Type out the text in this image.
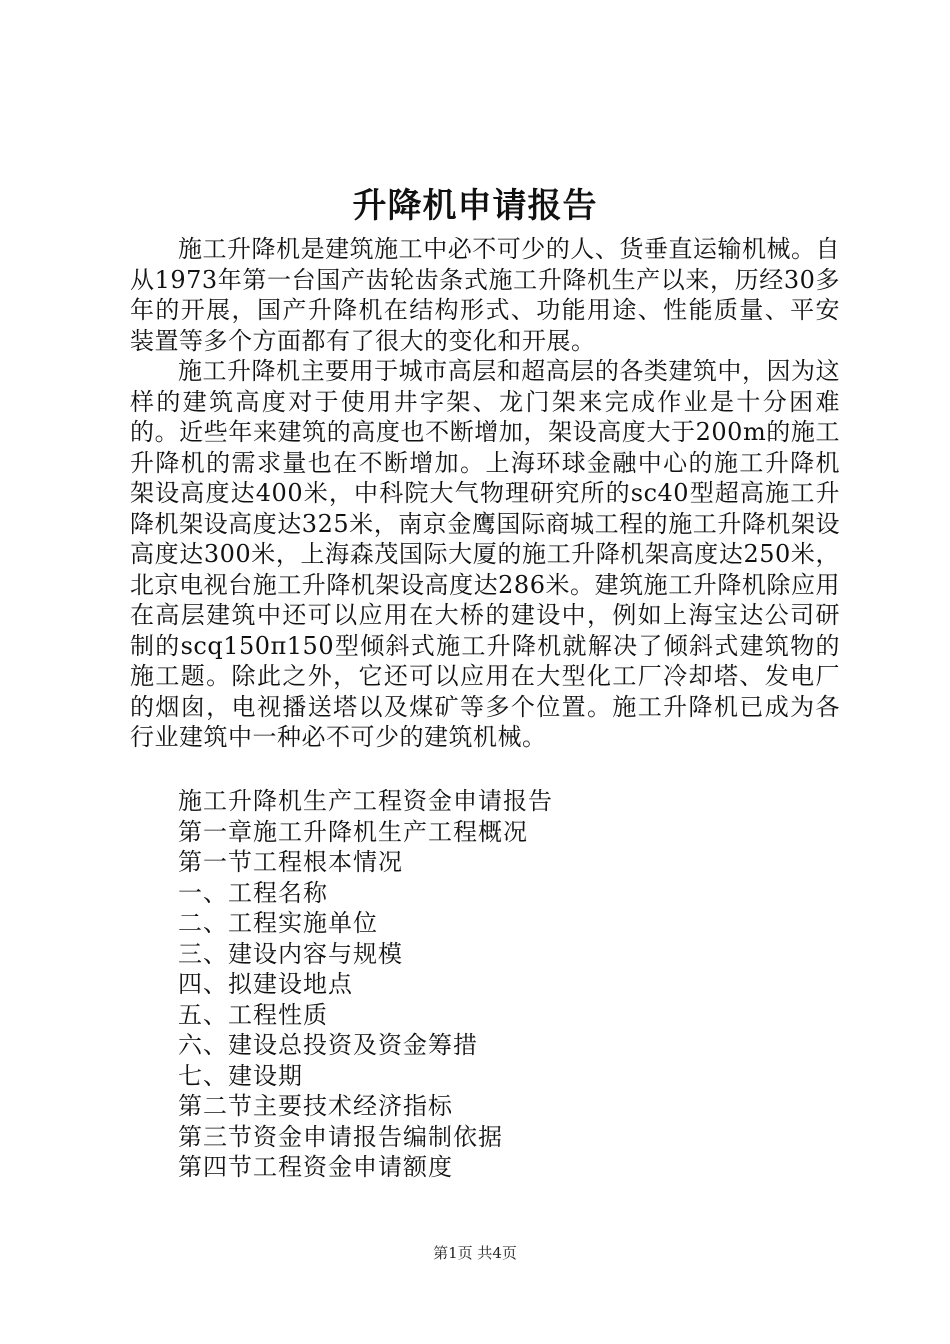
升降机申请报告

施工升降机是建筑施工中必不可少的人、货垂直运输机械。自从1973年第一台国产齿轮齿条式施工升降机生产以来，历经30多年的开展，国产升降机在结构形式、功能用途、性能质量、平安装置等多个方面都有了很大的变化和开展。

施工升降机主要用于城市高层和超高层的各类建筑中，因为这样的建筑高度对于使用井字架、龙门架来完成作业是十分困难的。近些年来建筑的高度也不断增加，架设高度大于200m的施工升降机的需求量也在不断增加。上海环球金融中心的施工升降机架设高度达400米，中科院大气物理研究所的sc40型超高施工升降机架设高度达325米，南京金鹰国际商城工程的施工升降机架设高度达300米，上海森茂国际大厦的施工升降机架高度达250米，北京电视台施工升降机架设高度达286米。建筑施工升降机除应用在高层建筑中还可以应用在大桥的建设中，例如上海宝达公司研制的scq150π150型倾斜式施工升降机就解决了倾斜式建筑物的施工题。除此之外，它还可以应用在大型化工厂冷却塔、发电厂的烟囱，电视播送塔以及煤矿等多个位置。施工升降机已成为各行业建筑中一种必不可少的建筑机械。

施工升降机生产工程资金申请报告
第一章施工升降机生产工程概况
第一节工程根本情况
一、工程名称
二、工程实施单位
三、建设内容与规模
四、拟建设地点
五、工程性质
六、建设总投资及资金筹措
七、建设期
第二节主要技术经济指标
第三节资金申请报告编制依据
第四节工程资金申请额度
第1页 共4页
